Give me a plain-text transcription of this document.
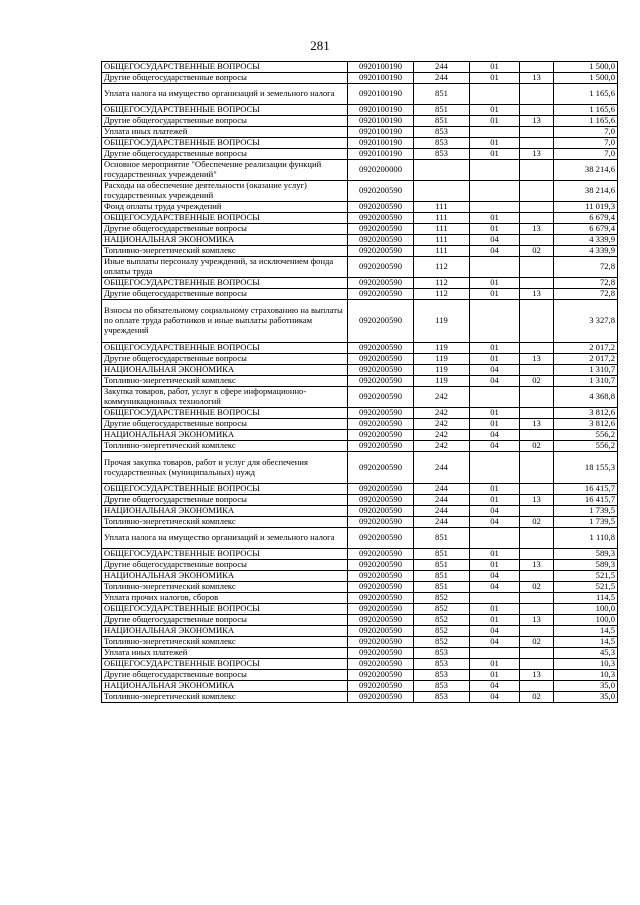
281
ОБЩЕГОСУДАРСТВЕННЫЕ ВОПРОСЫ	0920100190	244	01		1 500,0
Другие общегосударственные вопросы	0920100190	244	01	13	1 500,0
Уплата налога на имущество организаций и земельного налога	0920100190	851			1 165,6
ОБЩЕГОСУДАРСТВЕННЫЕ ВОПРОСЫ	0920100190	851	01		1 165,6
Другие общегосударственные вопросы	0920100190	851	01	13	1 165,6
Уплата иных платежей	0920100190	853			7,0
ОБЩЕГОСУДАРСТВЕННЫЕ ВОПРОСЫ	0920100190	853	01		7,0
Другие общегосударственные вопросы	0920100190	853	01	13	7,0
Основное мероприятие "Обеспечение реализации функций государственных учреждений"	0920200000				38 214,6
Расходы на обеспечение деятельности (оказание услуг) государственных учреждений	0920200590				38 214,6
Фонд оплаты труда учреждений	0920200590	111			11 019,3
ОБЩЕГОСУДАРСТВЕННЫЕ ВОПРОСЫ	0920200590	111	01		6 679,4
Другие общегосударственные вопросы	0920200590	111	01	13	6 679,4
НАЦИОНАЛЬНАЯ ЭКОНОМИКА	0920200590	111	04		4 339,9
Топливно-энергетический комплекс	0920200590	111	04	02	4 339,9
Иные выплаты персоналу учреждений, за исключением фонда оплаты труда	0920200590	112			72,8
ОБЩЕГОСУДАРСТВЕННЫЕ ВОПРОСЫ	0920200590	112	01		72,8
Другие общегосударственные вопросы	0920200590	112	01	13	72,8
Взносы по обязательному социальному страхованию на выплаты по оплате труда работников и иные выплаты работникам учреждений	0920200590	119			3 327,8
ОБЩЕГОСУДАРСТВЕННЫЕ ВОПРОСЫ	0920200590	119	01		2 017,2
Другие общегосударственные вопросы	0920200590	119	01	13	2 017,2
НАЦИОНАЛЬНАЯ ЭКОНОМИКА	0920200590	119	04		1 310,7
Топливно-энергетический комплекс	0920200590	119	04	02	1 310,7
Закупка товаров, работ, услуг в сфере информационно-коммуникационных технологий	0920200590	242			4 368,8
ОБЩЕГОСУДАРСТВЕННЫЕ ВОПРОСЫ	0920200590	242	01		3 812,6
Другие общегосударственные вопросы	0920200590	242	01	13	3 812,6
НАЦИОНАЛЬНАЯ ЭКОНОМИКА	0920200590	242	04		556,2
Топливно-энергетический комплекс	0920200590	242	04	02	556,2
Прочая закупка товаров, работ и услуг для обеспечения государственных (муниципальных) нужд	0920200590	244			18 155,3
ОБЩЕГОСУДАРСТВЕННЫЕ ВОПРОСЫ	0920200590	244	01		16 415,7
Другие общегосударственные вопросы	0920200590	244	01	13	16 415,7
НАЦИОНАЛЬНАЯ ЭКОНОМИКА	0920200590	244	04		1 739,5
Топливно-энергетический комплекс	0920200590	244	04	02	1 739,5
Уплата налога на имущество организаций и земельного налога	0920200590	851			1 110,8
ОБЩЕГОСУДАРСТВЕННЫЕ ВОПРОСЫ	0920200590	851	01		589,3
Другие общегосударственные вопросы	0920200590	851	01	13	589,3
НАЦИОНАЛЬНАЯ ЭКОНОМИКА	0920200590	851	04		521,5
Топливно-энергетический комплекс	0920200590	851	04	02	521,5
Уплата прочих налогов, сборов	0920200590	852			114,5
ОБЩЕГОСУДАРСТВЕННЫЕ ВОПРОСЫ	0920200590	852	01		100,0
Другие общегосударственные вопросы	0920200590	852	01	13	100,0
НАЦИОНАЛЬНАЯ ЭКОНОМИКА	0920200590	852	04		14,5
Топливно-энергетический комплекс	0920200590	852	04	02	14,5
Уплата иных платежей	0920200590	853			45,3
ОБЩЕГОСУДАРСТВЕННЫЕ ВОПРОСЫ	0920200590	853	01		10,3
Другие общегосударственные вопросы	0920200590	853	01	13	10,3
НАЦИОНАЛЬНАЯ ЭКОНОМИКА	0920200590	853	04		35,0
Топливно-энергетический комплекс	0920200590	853	04	02	35,0
